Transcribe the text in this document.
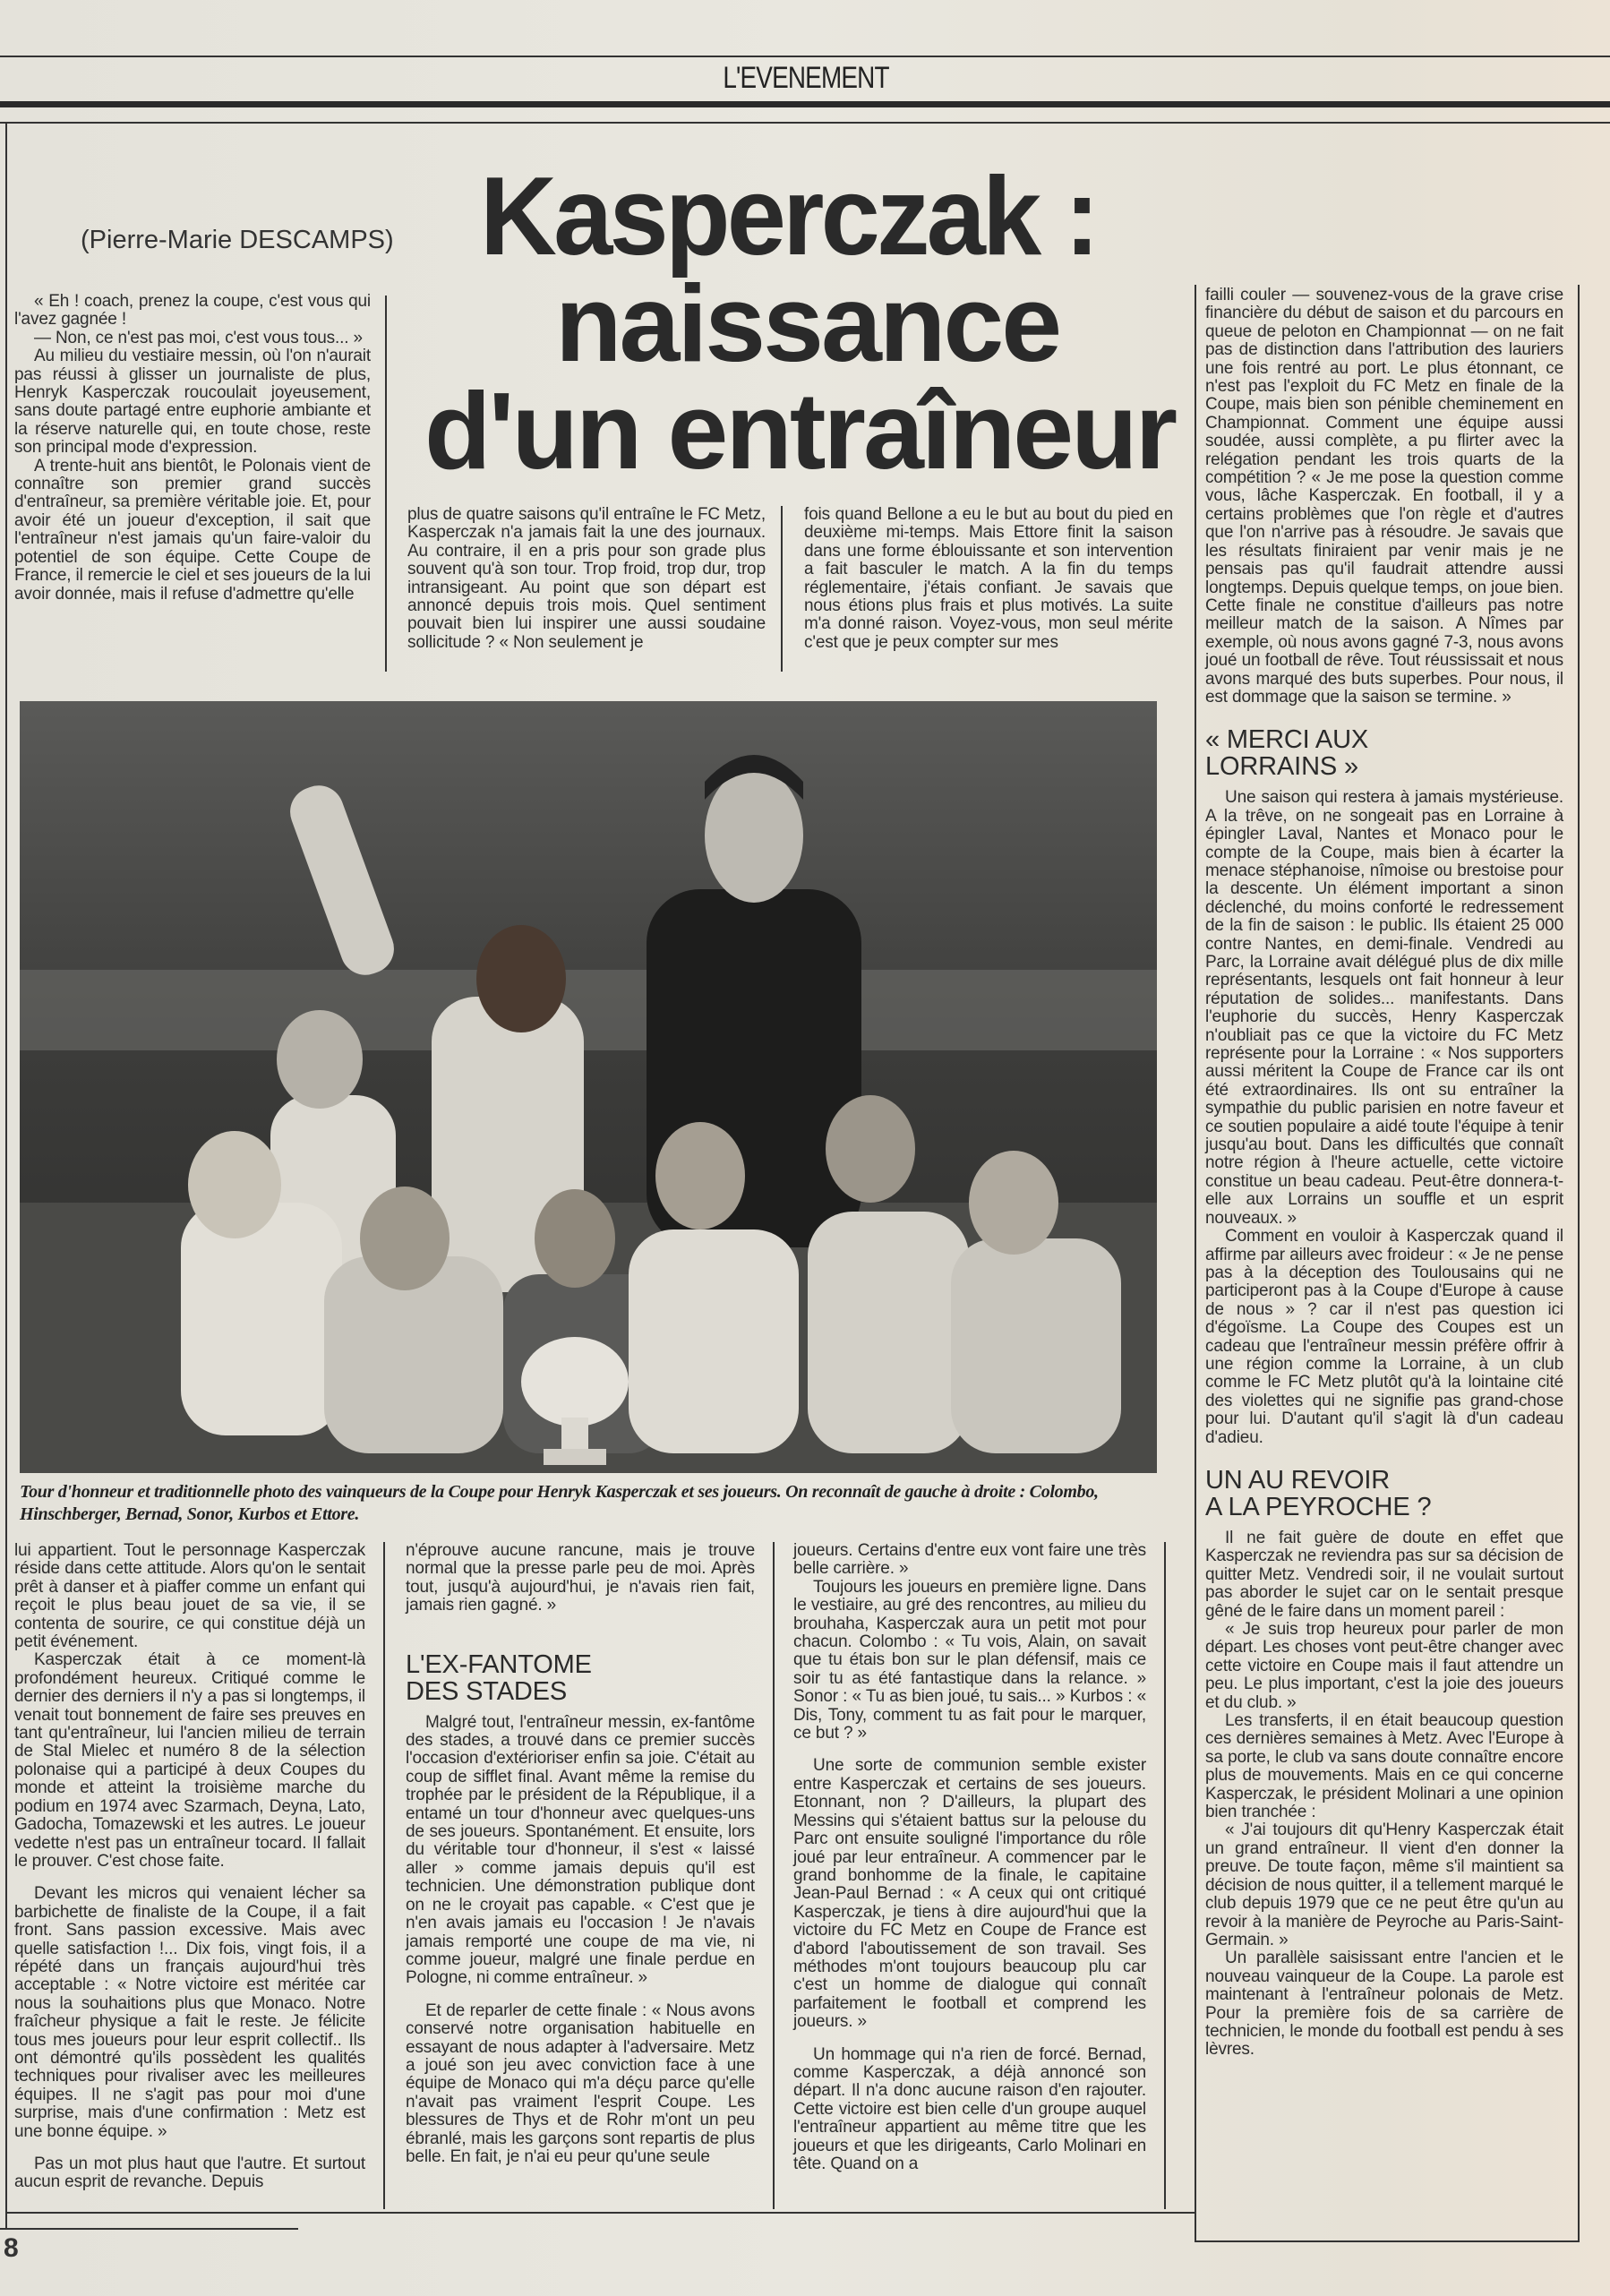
L'EVENEMENT
Kasperczak :
naissance
d'un entraîneur
(Pierre-Marie DESCAMPS)

« Eh ! coach, prenez la coupe, c'est vous qui l'avez gagnée !

— Non, ce n'est pas moi, c'est vous tous... »

Au milieu du vestiaire messin, où l'on n'aurait pas réussi à glisser un journaliste de plus, Henryk Kasperczak roucoulait joyeusement, sans doute partagé entre euphorie ambiante et la réserve naturelle qui, en toute chose, reste son principal mode d'expression.

A trente-huit ans bientôt, le Polonais vient de connaître son premier grand succès d'entraîneur, sa première véritable joie. Et, pour avoir été un joueur d'exception, il sait que l'entraîneur n'est jamais qu'un faire-valoir du potentiel de son équipe. Cette Coupe de France, il remercie le ciel et ses joueurs de la lui avoir donnée, mais il refuse d'admettre qu'elle

plus de quatre saisons qu'il entraîne le FC Metz, Kasperczak n'a jamais fait la une des journaux. Au contraire, il en a pris pour son grade plus souvent qu'à son tour. Trop froid, trop dur, trop intransigeant. Au point que son départ est annoncé depuis trois mois. Quel sentiment pouvait bien lui inspirer une aussi soudaine sollicitude ? « Non seulement je

fois quand Bellone a eu le but au bout du pied en deuxième mi-temps. Mais Ettore finit la saison dans une forme éblouissante et son intervention a fait basculer le match. A la fin du temps réglementaire, j'étais confiant. Je savais que nous étions plus frais et plus motivés. La suite m'a donné raison. Voyez-vous, mon seul mérite c'est que je peux compter sur mes

Tour d'honneur et traditionnelle photo des vainqueurs de la Coupe pour Henryk Kasperczak et ses joueurs. On reconnaît de gauche à droite : Colombo, Hinschberger, Bernad, Sonor, Kurbos et Ettore.

lui appartient. Tout le personnage Kasperczak réside dans cette attitude. Alors qu'on le sentait prêt à danser et à piaffer comme un enfant qui reçoit le plus beau jouet de sa vie, il se contenta de sourire, ce qui constitue déjà un petit événement.

Kasperczak était à ce moment-là profondément heureux. Critiqué comme le dernier des derniers il n'y a pas si longtemps, il venait tout bonnement de faire ses preuves en tant qu'entraîneur, lui l'ancien milieu de terrain de Stal Mielec et numéro 8 de la sélection polonaise qui a participé à deux Coupes du monde et atteint la troisième marche du podium en 1974 avec Szarmach, Deyna, Lato, Gadocha, Tomazewski et les autres. Le joueur vedette n'est pas un entraîneur tocard. Il fallait le prouver. C'est chose faite.

Devant les micros qui venaient lécher sa barbichette de finaliste de la Coupe, il a fait front. Sans passion excessive. Mais avec quelle satisfaction !... Dix fois, vingt fois, il a répété dans un français aujourd'hui très acceptable : « Notre victoire est méritée car nous la souhaitions plus que Monaco. Notre fraîcheur physique a fait le reste. Je félicite tous mes joueurs pour leur esprit collectif.. Ils ont démontré qu'ils possèdent les qualités techniques pour rivaliser avec les meilleures équipes. Il ne s'agit pas pour moi d'une surprise, mais d'une confirmation : Metz est une bonne équipe. »

Pas un mot plus haut que l'autre. Et surtout aucun esprit de revanche. Depuis

n'éprouve aucune rancune, mais je trouve normal que la presse parle peu de moi. Après tout, jusqu'à aujourd'hui, je n'avais rien fait, jamais rien gagné. »

L'EX-FANTOME
DES STADES

Malgré tout, l'entraîneur messin, ex-fantôme des stades, a trouvé dans ce premier succès l'occasion d'extérioriser enfin sa joie. C'était au coup de sifflet final. Avant même la remise du trophée par le président de la République, il a entamé un tour d'honneur avec quelques-uns de ses joueurs. Spontanément. Et ensuite, lors du véritable tour d'honneur, il s'est « laissé aller » comme jamais depuis qu'il est technicien. Une démonstration publique dont on ne le croyait pas capable. « C'est que je n'en avais jamais eu l'occasion ! Je n'avais jamais remporté une coupe de ma vie, ni comme joueur, malgré une finale perdue en Pologne, ni comme entraîneur. »

Et de reparler de cette finale : « Nous avons conservé notre organisation habituelle en essayant de nous adapter à l'adversaire. Metz a joué son jeu avec conviction face à une équipe de Monaco qui m'a déçu parce qu'elle n'avait pas vraiment l'esprit Coupe. Les blessures de Thys et de Rohr m'ont un peu ébranlé, mais les garçons sont repartis de plus belle. En fait, je n'ai eu peur qu'une seule

joueurs. Certains d'entre eux vont faire une très belle carrière. »

Toujours les joueurs en première ligne. Dans le vestiaire, au gré des rencontres, au milieu du brouhaha, Kasperczak aura un petit mot pour chacun. Colombo : « Tu vois, Alain, on savait que tu étais bon sur le plan défensif, mais ce soir tu as été fantastique dans la relance. » Sonor : « Tu as bien joué, tu sais... » Kurbos : « Dis, Tony, comment tu as fait pour le marquer, ce but ? »

Une sorte de communion semble exister entre Kasperczak et certains de ses joueurs. Etonnant, non ? D'ailleurs, la plupart des Messins qui s'étaient battus sur la pelouse du Parc ont ensuite souligné l'importance du rôle joué par leur entraîneur. A commencer par le grand bonhomme de la finale, le capitaine Jean-Paul Bernad : « A ceux qui ont critiqué Kasperczak, je tiens à dire aujourd'hui que la victoire du FC Metz en Coupe de France est d'abord l'aboutissement de son travail. Ses méthodes m'ont toujours beaucoup plu car c'est un homme de dialogue qui connaît parfaitement le football et comprend les joueurs. »

Un hommage qui n'a rien de forcé. Bernad, comme Kasperczak, a déjà annoncé son départ. Il n'a donc aucune raison d'en rajouter. Cette victoire est bien celle d'un groupe auquel l'entraîneur appartient au même titre que les joueurs et que les dirigeants, Carlo Molinari en tête. Quand on a

failli couler — souvenez-vous de la grave crise financière du début de saison et du parcours en queue de peloton en Championnat — on ne fait pas de distinction dans l'attribution des lauriers une fois rentré au port. Le plus étonnant, ce n'est pas l'exploit du FC Metz en finale de la Coupe, mais bien son pénible cheminement en Championnat. Comment une équipe aussi soudée, aussi complète, a pu flirter avec la relégation pendant les trois quarts de la compétition ? « Je me pose la question comme vous, lâche Kasperczak. En football, il y a certains problèmes que l'on règle et d'autres que l'on n'arrive pas à résoudre. Je savais que les résultats finiraient par venir mais je ne pensais pas qu'il faudrait attendre aussi longtemps. Depuis quelque temps, on joue bien. Cette finale ne constitue d'ailleurs pas notre meilleur match de la saison. A Nîmes par exemple, où nous avons gagné 7-3, nous avons joué un football de rêve. Tout réussissait et nous avons marqué des buts superbes. Pour nous, il est dommage que la saison se termine. »

« MERCI AUX
LORRAINS »

Une saison qui restera à jamais mystérieuse. A la trêve, on ne songeait pas en Lorraine à épingler Laval, Nantes et Monaco pour le compte de la Coupe, mais bien à écarter la menace stéphanoise, nîmoise ou brestoise pour la descente. Un élément important a sinon déclenché, du moins conforté le redressement de la fin de saison : le public. Ils étaient 25 000 contre Nantes, en demi-finale. Vendredi au Parc, la Lorraine avait délégué plus de dix mille représentants, lesquels ont fait honneur à leur réputation de solides... manifestants. Dans l'euphorie du succès, Henry Kasperczak n'oubliait pas ce que la victoire du FC Metz représente pour la Lorraine : « Nos supporters aussi méritent la Coupe de France car ils ont été extraordinaires. Ils ont su entraîner la sympathie du public parisien en notre faveur et ce soutien populaire a aidé toute l'équipe à tenir jusqu'au bout. Dans les difficultés que connaît notre région à l'heure actuelle, cette victoire constitue un beau cadeau. Peut-être donnera-t-elle aux Lorrains un souffle et un esprit nouveaux. »

Comment en vouloir à Kasperczak quand il affirme par ailleurs avec froideur : « Je ne pense pas à la déception des Toulousains qui ne participeront pas à la Coupe d'Europe à cause de nous » ? car il n'est pas question ici d'égoïsme. La Coupe des Coupes est un cadeau que l'entraîneur messin préfère offrir à une région comme la Lorraine, à un club comme le FC Metz plutôt qu'à la lointaine cité des violettes qui ne signifie pas grand-chose pour lui. D'autant qu'il s'agit là d'un cadeau d'adieu.

UN AU REVOIR
A LA PEYROCHE ?

Il ne fait guère de doute en effet que Kasperczak ne reviendra pas sur sa décision de quitter Metz. Vendredi soir, il ne voulait surtout pas aborder le sujet car on le sentait presque gêné de le faire dans un moment pareil :

« Je suis trop heureux pour parler de mon départ. Les choses vont peut-être changer avec cette victoire en Coupe mais il faut attendre un peu. Le plus important, c'est la joie des joueurs et du club. »

Les transferts, il en était beaucoup question ces dernières semaines à Metz. Avec l'Europe à sa porte, le club va sans doute connaître encore plus de mouvements. Mais en ce qui concerne Kasperczak, le président Molinari a une opinion bien tranchée :

« J'ai toujours dit qu'Henry Kasperczak était un grand entraîneur. Il vient d'en donner la preuve. De toute façon, même s'il maintient sa décision de nous quitter, il a tellement marqué le club depuis 1979 que ce ne peut être qu'un au revoir à la manière de Peyroche au Paris-Saint-Germain. »

Un parallèle saisissant entre l'ancien et le nouveau vainqueur de la Coupe. La parole est maintenant à l'entraîneur polonais de Metz. Pour la première fois de sa carrière de technicien, le monde du football est pendu à ses lèvres.

8
